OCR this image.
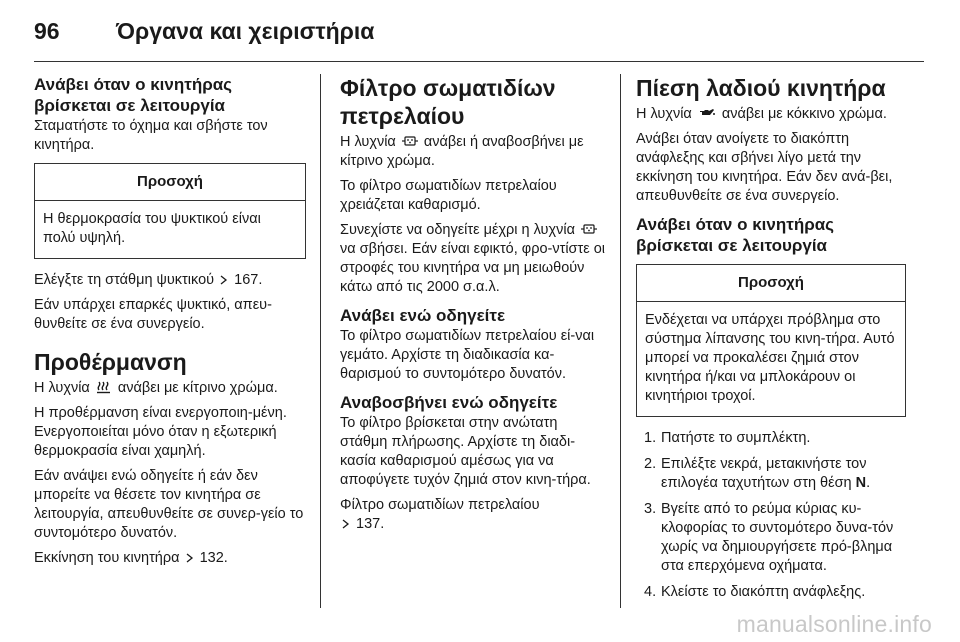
96 Όργανα και χειριστήρια
Ανάβει όταν ο κινητήρας
βρίσκεται σε λειτουργία

Σταματήστε το όχημα και σβήστε τον κινητήρα.

Προσοχή
Η θερμοκρασία του ψυκτικού είναι πολύ υψηλή.

Ελέγξτε τη στάθμη ψυκτικού 167.

Εάν υπάρχει επαρκές ψυκτικό, απευ-θυνθείτε σε ένα συνεργείο.

Προθέρμανση

Η λυχνία ανάβει με κίτρινο χρώμα.

Η προθέρμανση είναι ενεργοποιη-μένη. Ενεργοποιείται μόνο όταν η εξωτερική θερμοκρασία είναι χαμηλή.

Εάν ανάψει ενώ οδηγείτε ή εάν δεν μπορείτε να θέσετε τον κινητήρα σε λειτουργία, απευθυνθείτε σε συνερ-γείο το συντομότερο δυνατόν.

Εκκίνηση του κινητήρα 132.

Φίλτρο σωματιδίων
πετρελαίου

Η λυχνία ανάβει ή αναβοσβήνει με κίτρινο χρώμα.

Το φίλτρο σωματιδίων πετρελαίου χρειάζεται καθαρισμό.

Συνεχίστε να οδηγείτε μέχρι η λυχνία  να σβήσει. Εάν είναι εφικτό, φρο-ντίστε οι στροφές του κινητήρα να μη μειωθούν κάτω από τις 2000 σ.α.λ.

Ανάβει ενώ οδηγείτε

Το φίλτρο σωματιδίων πετρελαίου εί-ναι γεμάτο. Αρχίστε τη διαδικασία κα-θαρισμού το συντομότερο δυνατόν.

Αναβοσβήνει ενώ οδηγείτε

Το φίλτρο βρίσκεται στην ανώτατη στάθμη πλήρωσης. Αρχίστε τη διαδι-κασία καθαρισμού αμέσως για να αποφύγετε τυχόν ζημιά στον κινη-τήρα.

Φίλτρο σωματιδίων πετρελαίου
137.

Πίεση λαδιού κινητήρα

Η λυχνία ανάβει με κόκκινο χρώμα.

Ανάβει όταν ανοίγετε το διακόπτη ανάφλεξης και σβήνει λίγο μετά την εκκίνηση του κινητήρα. Εάν δεν ανά-βει, απευθυνθείτε σε ένα συνεργείο.

Ανάβει όταν ο κινητήρας
βρίσκεται σε λειτουργία
Προσοχή
Ενδέχεται να υπάρχει πρόβλημα στο σύστημα λίπανσης του κινη-τήρα. Αυτό μπορεί να προκαλέσει ζημιά στον κινητήρα ή/και να μπλοκάρουν οι κινητήριοι τροχοί.
1. Πατήστε το συμπλέκτη.
2. Επιλέξτε νεκρά, μετακινήστε τον επιλογέα ταχυτήτων στη θέση N.
3. Βγείτε από το ρεύμα κύριας κυ-κλοφορίας το συντομότερο δυνα-τόν χωρίς να δημιουργήσετε πρό-βλημα στα επερχόμενα οχήματα.
4. Κλείστε το διακόπτη ανάφλεξης.
manualsonline.info
